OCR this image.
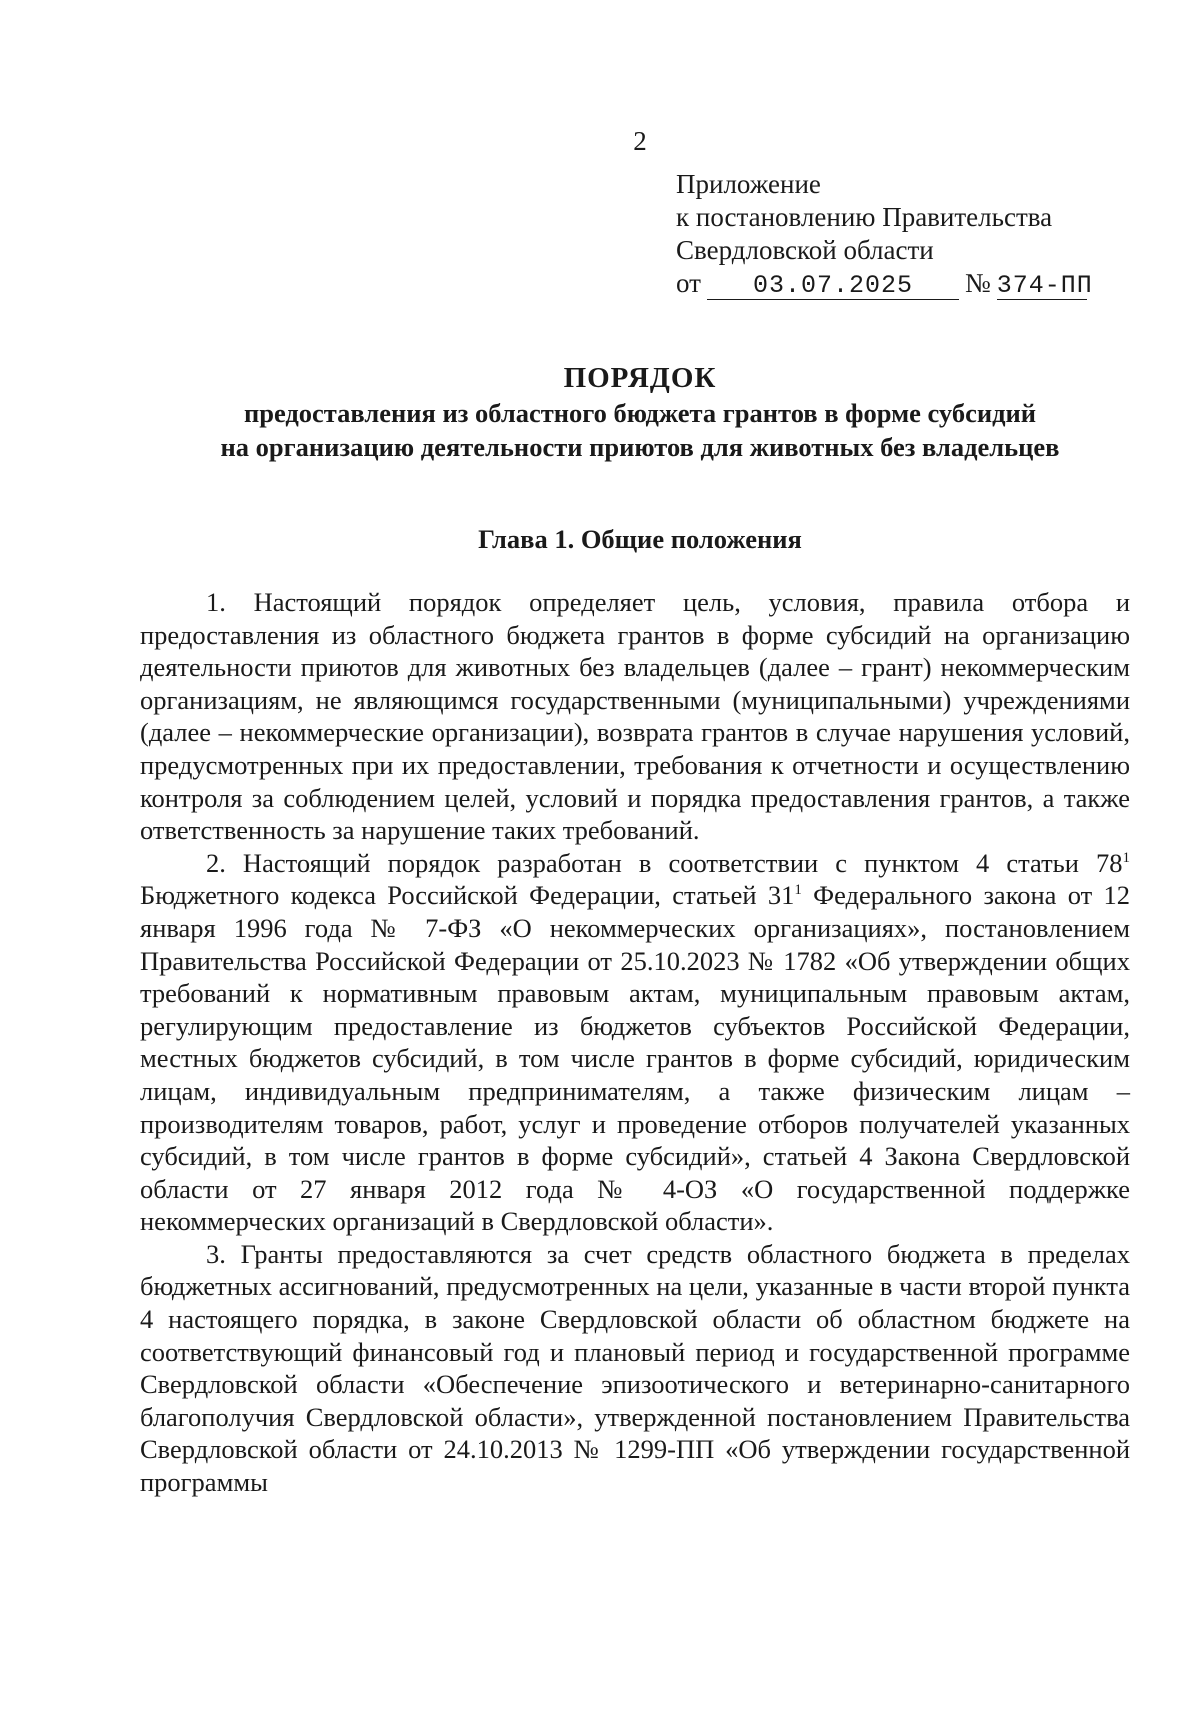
2
Приложение
к постановлению Правительства
Свердловской области
от 03.07.2025 № 374-ПП
ПОРЯДОК
предоставления из областного бюджета грантов в форме субсидий
на организацию деятельности приютов для животных без владельцев
Глава 1. Общие положения

1. Настоящий порядок определяет цель, условия, правила отбора и предоставления из областного бюджета грантов в форме субсидий на организацию деятельности приютов для животных без владельцев (далее – грант) некоммерческим организациям, не являющимся государственными (муниципальными) учреждениями (далее – некоммерческие организации), возврата грантов в случае нарушения условий, предусмотренных при их предоставлении, требования к отчетности и осуществлению контроля за соблюдением целей, условий и порядка предоставления грантов, а также ответственность за нарушение таких требований.

2. Настоящий порядок разработан в соответствии с пунктом 4 статьи $78^1$ Бюджетного кодекса Российской Федерации, статьей $31^1$ Федерального закона от 12 января 1996 года № 7-ФЗ «О некоммерческих организациях», постановлением Правительства Российской Федерации от 25.10.2023 № 1782 «Об утверждении общих требований к нормативным правовым актам, муниципальным правовым актам, регулирующим предоставление из бюджетов субъектов Российской Федерации, местных бюджетов субсидий, в том числе грантов в форме субсидий, юридическим лицам, индивидуальным предпринимателям, а также физическим лицам – производителям товаров, работ, услуг и проведение отборов получателей указанных субсидий, в том числе грантов в форме субсидий», статьей 4 Закона Свердловской области от 27 января 2012 года № 4-ОЗ «О государственной поддержке некоммерческих организаций в Свердловской области».

3. Гранты предоставляются за счет средств областного бюджета в пределах бюджетных ассигнований, предусмотренных на цели, указанные в части второй пункта 4 настоящего порядка, в законе Свердловской области об областном бюджете на соответствующий финансовый год и плановый период и государственной программе Свердловской области «Обеспечение эпизоотического и ветеринарно-санитарного благополучия Свердловской области», утвержденной постановлением Правительства Свердловской области от 24.10.2013 № 1299-ПП «Об утверждении государственной программы
